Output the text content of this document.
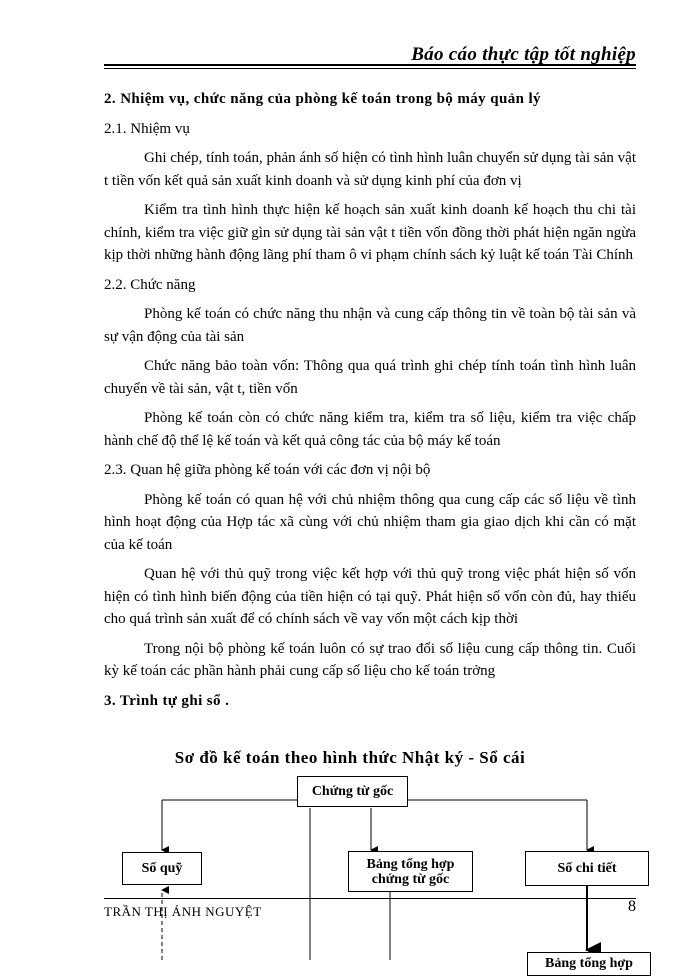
Báo cáo thực tập tốt nghiệp

2. Nhiệm vụ, chức năng của phòng kế toán trong bộ máy quản lý

2.1. Nhiệm vụ

Ghi chép, tính toán, phản ánh số hiện có tình hình luân chuyển sử dụng tài sản vật t tiền vốn kết quả sản xuất kinh doanh và sử dụng kinh phí của đơn vị

Kiểm tra tình hình thực hiện kế hoạch sản xuất kinh doanh kế hoạch thu chi tài chính, kiểm tra việc giữ gìn sử dụng tài sản vật t tiền vốn đồng thời phát hiện ngăn ngừa kịp thời những hành động lãng phí tham ô vi phạm chính sách kỷ luật kế toán Tài Chính

2.2. Chức năng

Phòng kế toán có chức năng thu nhận và cung cấp thông tin về toàn bộ tài sản và sự vận động của tài sản

Chức năng bảo toàn vốn: Thông qua quá trình ghi chép tính toán tình hình luân chuyển về tài sản, vật t, tiền vốn

Phòng kế toán còn có chức năng kiểm tra, kiểm tra số liệu, kiểm tra việc chấp hành chế độ thể lệ kế toán và kết quả công tác của bộ máy kế toán

2.3. Quan hệ giữa phòng kế toán với các đơn vị nội bộ

Phòng kế toán có quan hệ với chủ nhiệm thông qua cung cấp các số liệu về tình hình hoạt động của Hợp tác xã cùng với chủ nhiệm tham gia giao dịch khi cần có mặt của kế toán

Quan hệ với thủ quỹ trong việc kết hợp với thủ quỹ trong việc phát hiện số vốn hiện có tình hình biến động của tiền hiện có tại quỹ. Phát hiện số vốn còn đủ, hay thiếu cho quá trình sản xuất để có chính sách về vay vốn một cách kịp thời

Trong nội bộ phòng kế toán luôn có sự trao đổi số liệu cung cấp thông tin. Cuối kỳ kế toán các phần hành phải cung cấp số liệu cho kế toán trởng

3. Trình tự ghi sổ .

Sơ đồ kế toán theo hình thức Nhật ký - Sổ cái
Chứng từ gốc
Sổ quỹ	Bảng tổng hợp
chứng từ gốc
Sổ chi tiết
Bảng tổng hợp
TRẦN THỊ ÁNH NGUYỆT	8
